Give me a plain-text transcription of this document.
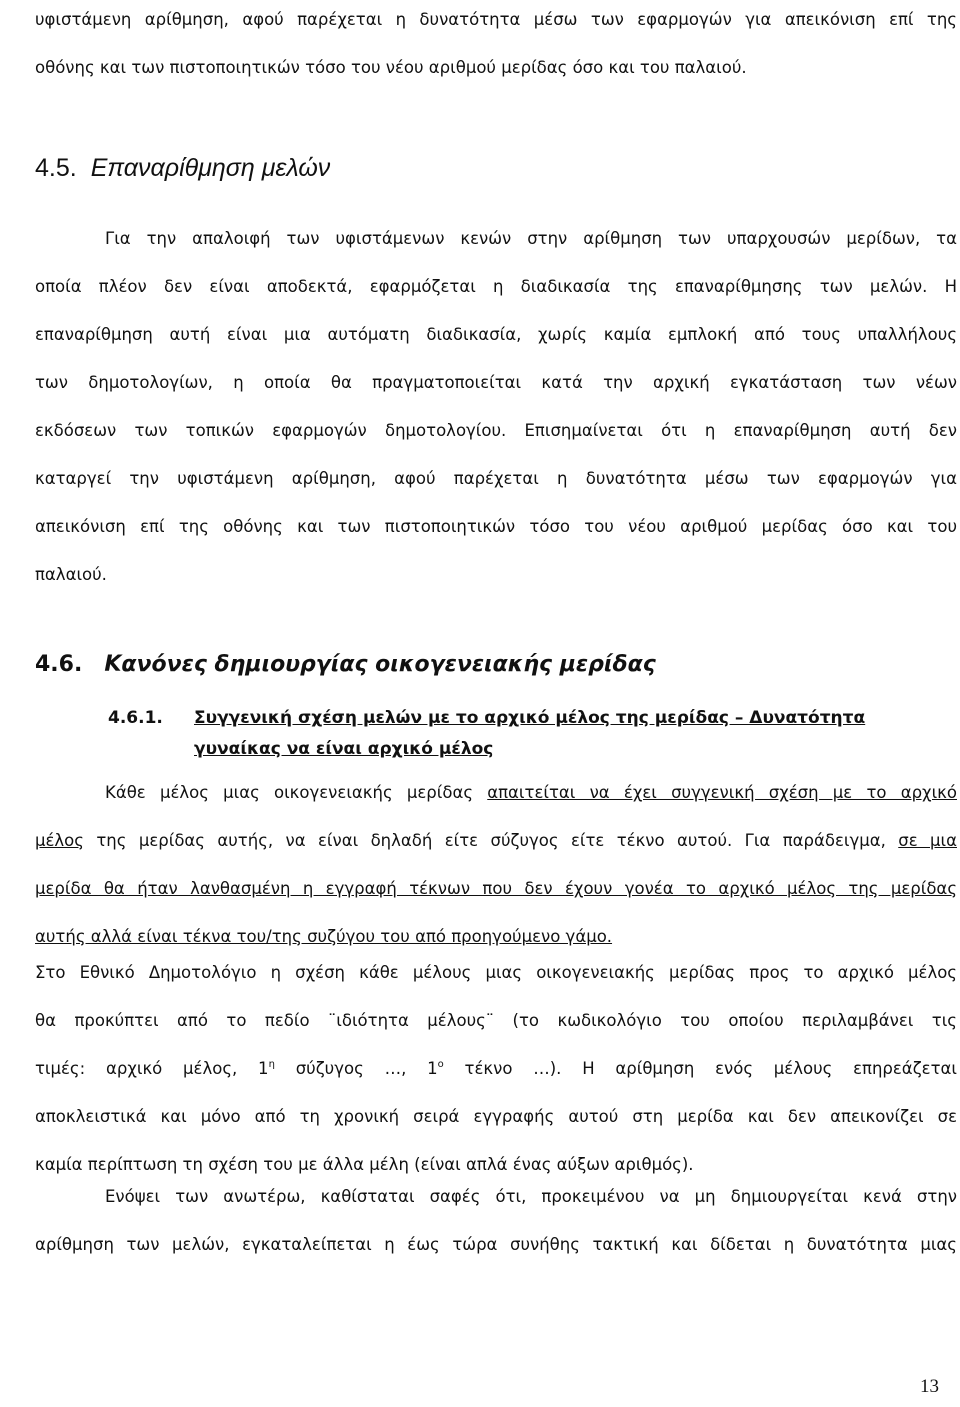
υφιστάμενη αρίθμηση, αφού παρέχεται η δυνατότητα μέσω των εφαρμογών για απεικόνιση επί της
οθόνης και των πιστοποιητικών τόσο του νέου αριθμού μερίδας όσο και του παλαιού.
4.5. Επαναρίθμηση μελών
Για την απαλοιφή των υφιστάμενων κενών στην αρίθμηση των υπαρχουσών μερίδων, τα
οποία πλέον δεν είναι αποδεκτά, εφαρμόζεται η διαδικασία της επαναρίθμησης των μελών. Η
επαναρίθμηση αυτή είναι μια αυτόματη διαδικασία, χωρίς καμία εμπλοκή από τους υπαλλήλους
των δημοτολογίων, η οποία θα πραγματοποιείται κατά την αρχική εγκατάσταση των νέων
εκδόσεων των τοπικών εφαρμογών δημοτολογίου. Επισημαίνεται ότι η επαναρίθμηση αυτή δεν
καταργεί την υφιστάμενη αρίθμηση, αφού παρέχεται η δυνατότητα μέσω των εφαρμογών για
απεικόνιση επί της οθόνης και των πιστοποιητικών τόσο του νέου αριθμού μερίδας όσο και του
παλαιού.
4.6. Κανόνες δημιουργίας οικογενειακής μερίδας
4.6.1. Συγγενική σχέση μελών με το αρχικό μέλος της μερίδας – Δυνατότητα
γυναίκας να είναι αρχικό μέλος
Κάθε μέλος μιας οικογενειακής μερίδας απαιτείται να έχει συγγενική σχέση με το αρχικό
μέλος της μερίδας αυτής, να είναι δηλαδή είτε σύζυγος είτε τέκνο αυτού. Για παράδειγμα, σε μια
μερίδα θα ήταν λανθασμένη η εγγραφή τέκνων που δεν έχουν γονέα το αρχικό μέλος της μερίδας
αυτής αλλά είναι τέκνα του/της συζύγου του από προηγούμενο γάμο.
Στο Εθνικό Δημοτολόγιο η σχέση κάθε μέλους μιας οικογενειακής μερίδας προς το αρχικό μέλος
θα προκύπτει από το πεδίο ¨ιδιότητα μέλους¨ (το κωδικολόγιο του οποίου περιλαμβάνει τις
τιμές: αρχικό μέλος, $1^\eta$ σύζυγος …, $1^o$ τέκνο …). Η αρίθμηση ενός μέλους επηρεάζεται
αποκλειστικά και μόνο από τη χρονική σειρά εγγραφής αυτού στη μερίδα και δεν απεικονίζει σε
καμία περίπτωση τη σχέση του με άλλα μέλη (είναι απλά ένας αύξων αριθμός).
Ενόψει των ανωτέρω, καθίσταται σαφές ότι, προκειμένου να μη δημιουργείται κενά στην
αρίθμηση των μελών, εγκαταλείπεται η έως τώρα συνήθης τακτική και δίδεται η δυνατότητα μιας
13
